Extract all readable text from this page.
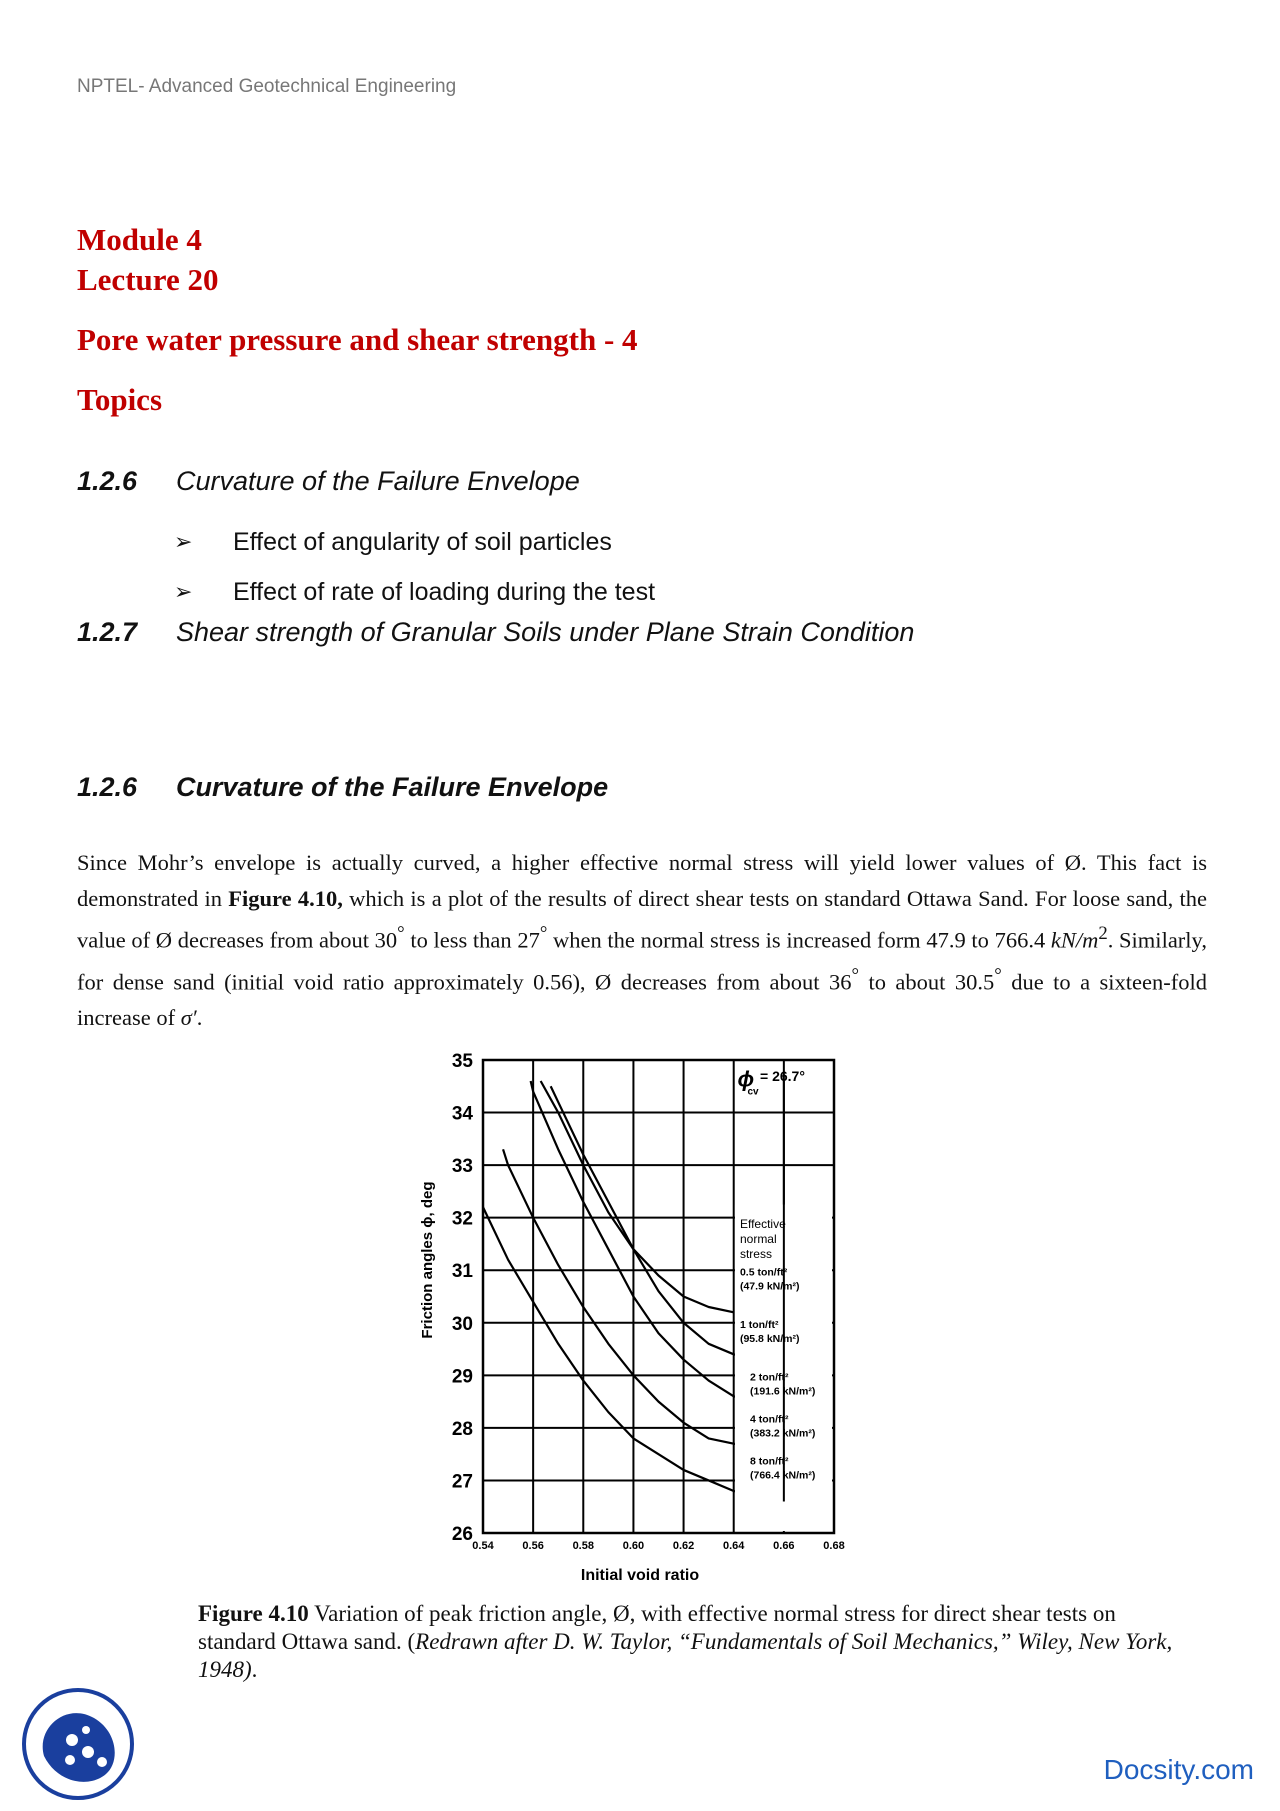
NPTEL- Advanced Geotechnical Engineering
Module 4
Lecture 20
Pore water pressure and shear strength - 4
Topics
1.2.6 Curvature of the Failure Envelope
➢ Effect of angularity of soil particles
➢ Effect of rate of loading during the test
1.2.7 Shear strength of Granular Soils under Plane Strain Condition
1.2.6 Curvature of the Failure Envelope
Since Mohr’s envelope is actually curved, a higher effective normal stress will yield lower values of Ø. This fact is demonstrated in Figure 4.10, which is a plot of the results of direct shear tests on standard Ottawa Sand. For loose sand, the value of Ø decreases from about 30° to less than 27° when the normal stress is increased form 47.9 to 766.4 $kN/m^2$. Similarly, for dense sand (initial void ratio approximately 0.56), Ø decreases from about 36° to about 30.5° due to a sixteen-fold increase of σ′.
0.54	0.56	0.58	0.60	0.62	0.64	0.66	0.68
26
27
28
29
30
31
32
33
34
35
ϕ
cv
= 26.7°
Effective
normal
stress
0.5 ton/ft²
(47.9 kN/m²)
1 ton/ft²
(95.8 kN/m²)
2 ton/ft²
(191.6 kN/m²)
4 ton/ft²
(383.2 kN/m²)
8 ton/ft²
(766.4 kN/m²)
Initial void ratio
Friction angles ϕ, deg
Figure 4.10 Variation of peak friction angle, Ø, with effective normal stress for direct shear tests on standard Ottawa sand. (Redrawn after D. W. Taylor, “Fundamentals of Soil Mechanics,” Wiley, New York, 1948).
Docsity.com
